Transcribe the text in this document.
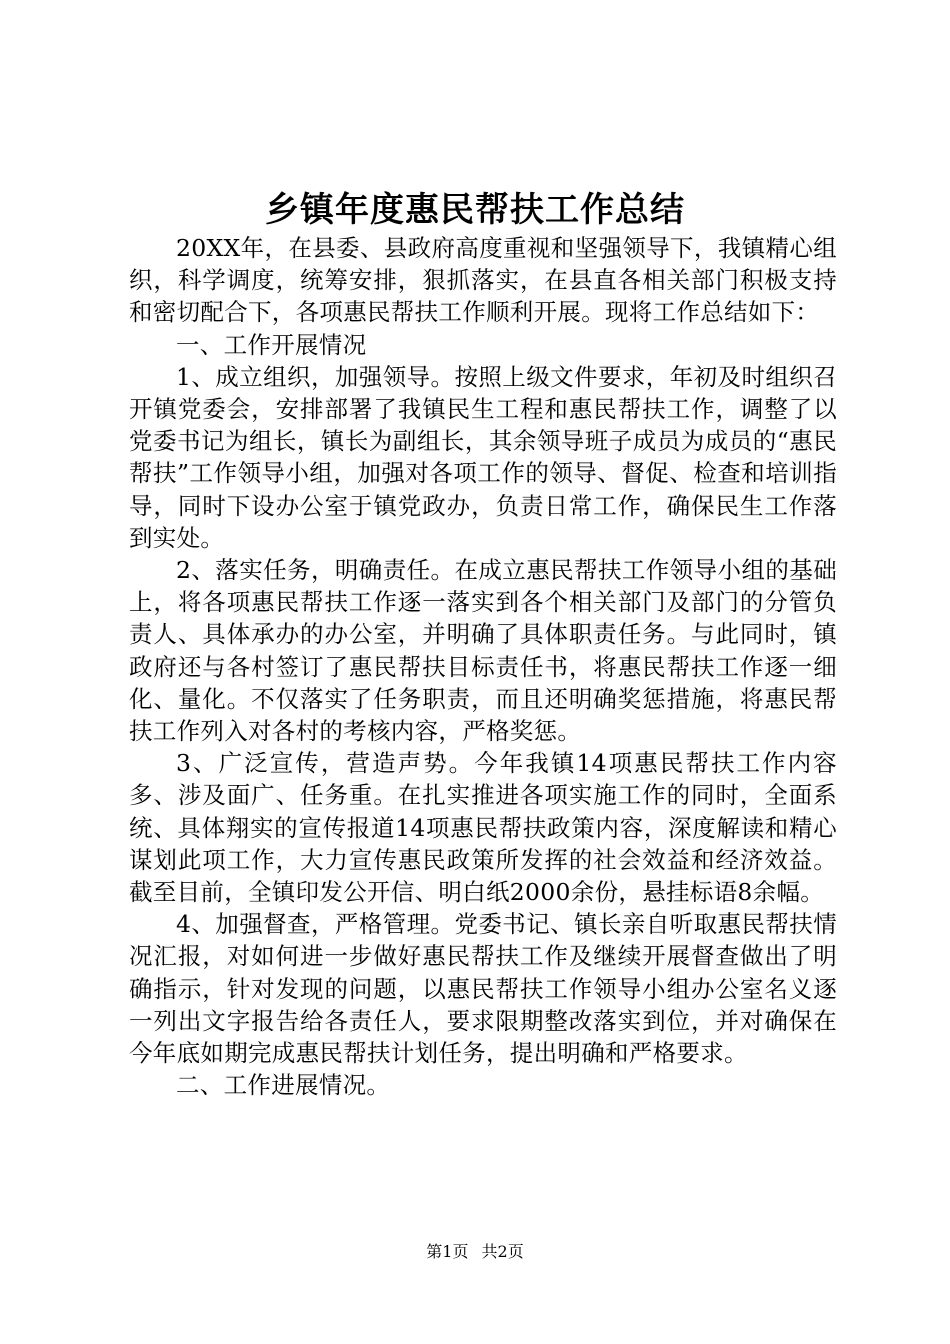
乡镇年度惠民帮扶工作总结

20XX年，在县委、县政府高度重视和坚强领导下，我镇精心组织，科学调度，统筹安排，狠抓落实，在县直各相关部门积极支持和密切配合下，各项惠民帮扶工作顺利开展。现将工作总结如下：

一、工作开展情况

1、成立组织，加强领导。按照上级文件要求，年初及时组织召开镇党委会，安排部署了我镇民生工程和惠民帮扶工作，调整了以党委书记为组长，镇长为副组长，其余领导班子成员为成员的“惠民帮扶”工作领导小组，加强对各项工作的领导、督促、检查和培训指导，同时下设办公室于镇党政办，负责日常工作，确保民生工作落到实处。

2、落实任务，明确责任。在成立惠民帮扶工作领导小组的基础上，将各项惠民帮扶工作逐一落实到各个相关部门及部门的分管负责人、具体承办的办公室，并明确了具体职责任务。与此同时，镇政府还与各村签订了惠民帮扶目标责任书，将惠民帮扶工作逐一细化、量化。不仅落实了任务职责，而且还明确奖惩措施，将惠民帮扶工作列入对各村的考核内容，严格奖惩。

3、广泛宣传，营造声势。今年我镇14项惠民帮扶工作内容多、涉及面广、任务重。在扎实推进各项实施工作的同时，全面系统、具体翔实的宣传报道14项惠民帮扶政策内容，深度解读和精心谋划此项工作，大力宣传惠民政策所发挥的社会效益和经济效益。截至目前，全镇印发公开信、明白纸2000余份，悬挂标语8余幅。

4、加强督查，严格管理。党委书记、镇长亲自听取惠民帮扶情况汇报，对如何进一步做好惠民帮扶工作及继续开展督查做出了明确指示，针对发现的问题，以惠民帮扶工作领导小组办公室名义逐一列出文字报告给各责任人，要求限期整改落实到位，并对确保在今年底如期完成惠民帮扶计划任务，提出明确和严格要求。

二、工作进展情况。

第1页 共2页
